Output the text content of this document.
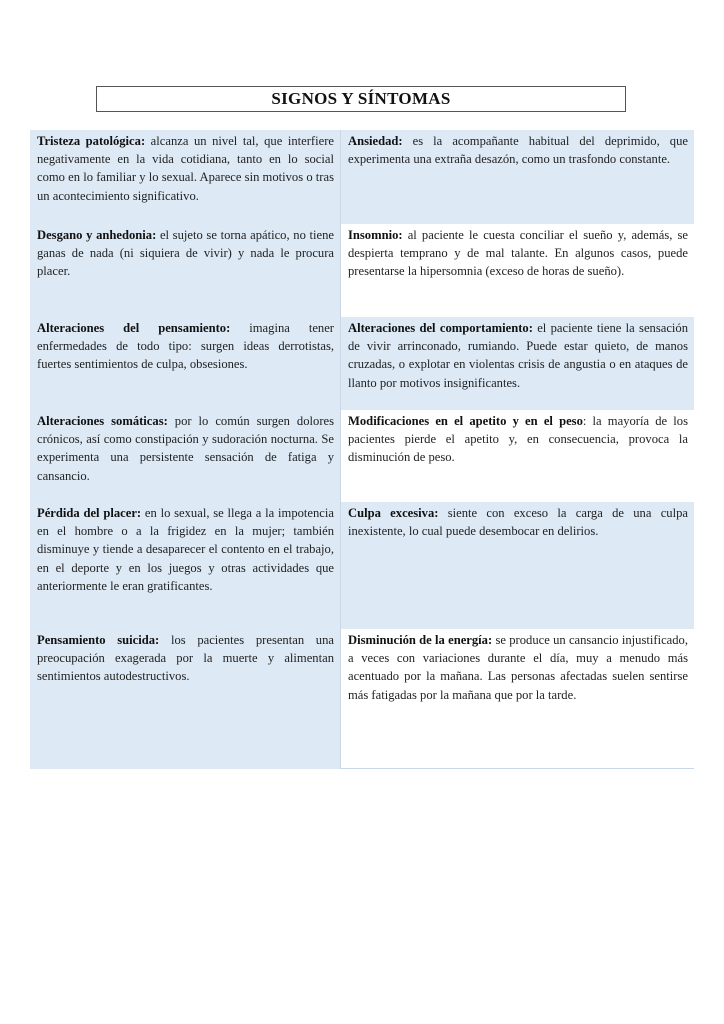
SIGNOS Y SÍNTOMAS
Tristeza patológica: alcanza un nivel tal, que interfiere negativamente en la vida cotidiana, tanto en lo social como en lo familiar y lo sexual. Aparece sin motivos o tras un acontecimiento significativo.
Ansiedad: es la acompañante habitual del deprimido, que experimenta una extraña desazón, como un trasfondo constante.
Desgano y anhedonia: el sujeto se torna apático, no tiene ganas de nada (ni siquiera de vivir) y nada le procura placer.
Insomnio: al paciente le cuesta conciliar el sueño y, además, se despierta temprano y de mal talante. En algunos casos, puede presentarse la hipersomnia (exceso de horas de sueño).
Alteraciones del pensamiento: imagina tener enfermedades de todo tipo: surgen ideas derrotistas, fuertes sentimientos de culpa, obsesiones.
Alteraciones del comportamiento: el paciente tiene la sensación de vivir arrinconado, rumiando. Puede estar quieto, de manos cruzadas, o explotar en violentas crisis de angustia o en ataques de llanto por motivos insignificantes.
Alteraciones somáticas: por lo común surgen dolores crónicos, así como constipación y sudoración nocturna. Se experimenta una persistente sensación de fatiga y cansancio.
Modificaciones en el apetito y en el peso: la mayoría de los pacientes pierde el apetito y, en consecuencia, provoca la disminución de peso.
Pérdida del placer: en lo sexual, se llega a la impotencia en el hombre o a la frigidez en la mujer; también disminuye y tiende a desaparecer el contento en el trabajo, en el deporte y en los juegos y otras actividades que anteriormente le eran gratificantes.
Culpa excesiva: siente con exceso la carga de una culpa inexistente, lo cual puede desembocar en delirios.
Pensamiento suicida: los pacientes presentan una preocupación exagerada por la muerte y alimentan sentimientos autodestructivos.
Disminución de la energía: se produce un cansancio injustificado, a veces con variaciones durante el día, muy a menudo más acentuado por la mañana. Las personas afectadas suelen sentirse más fatigadas por la mañana que por la tarde.
